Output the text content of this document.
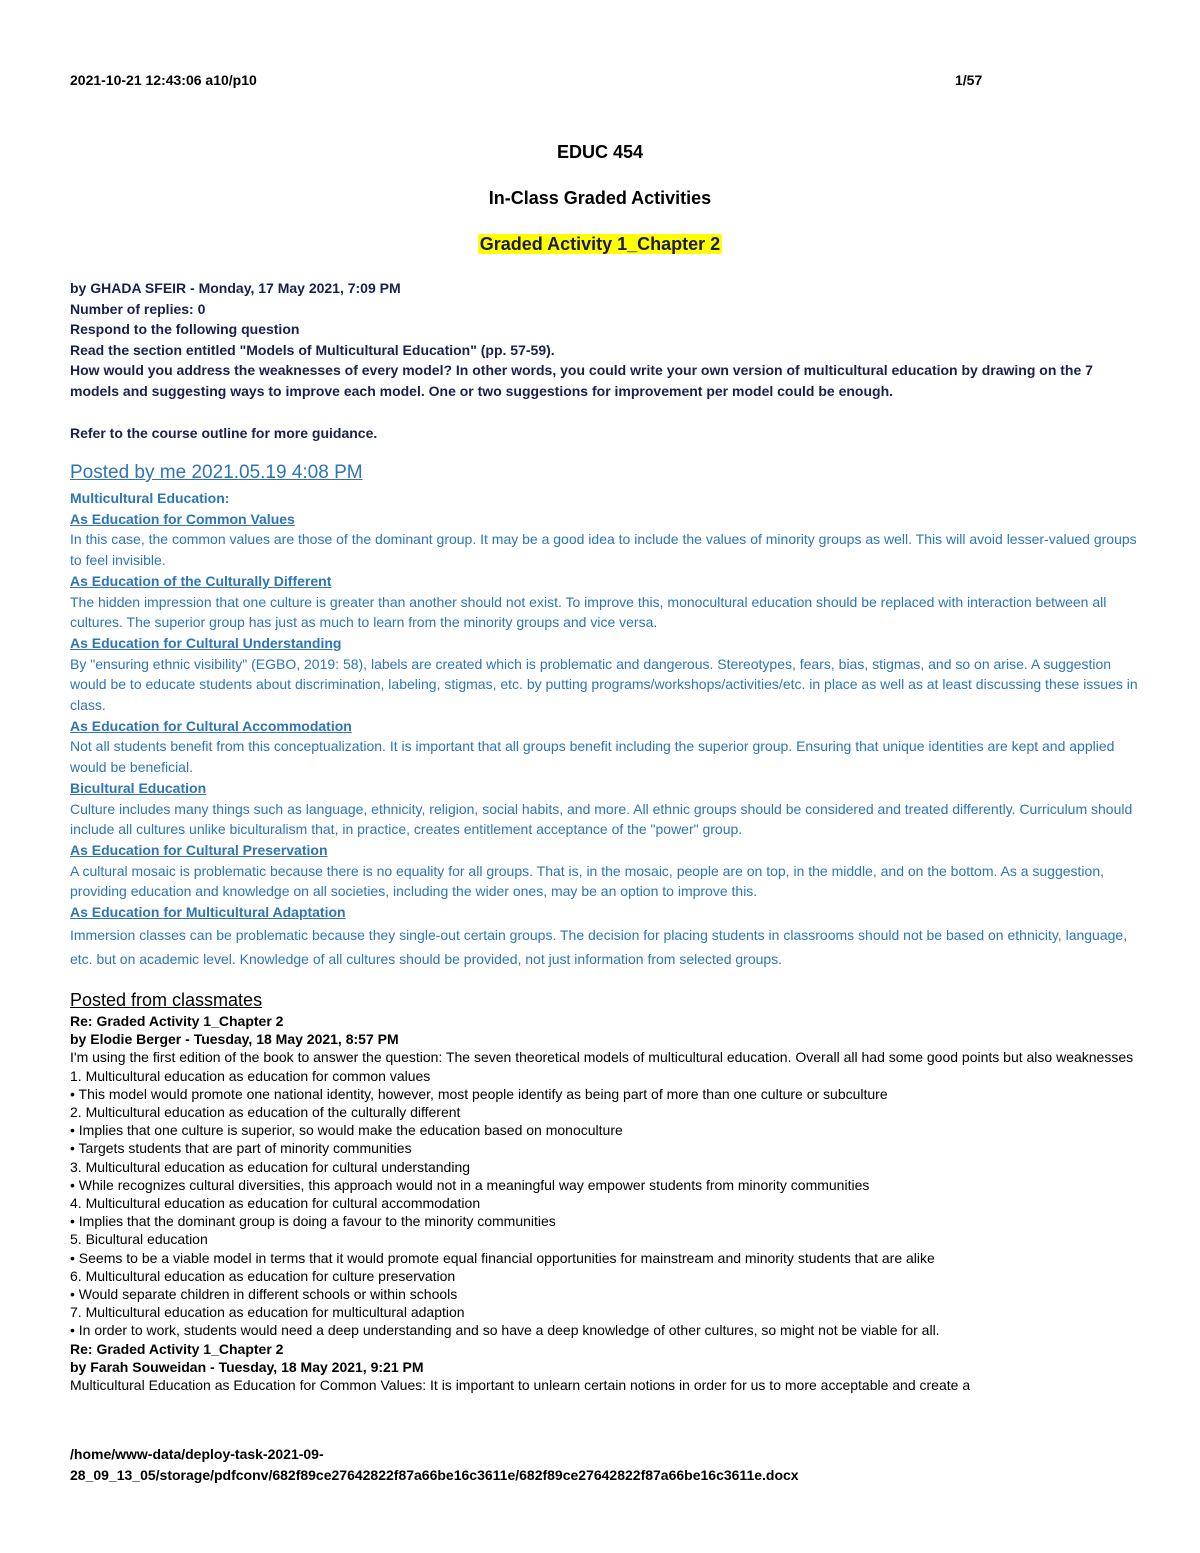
2021-10-21 12:43:06 a10/p10	1/57
EDUC 454
In-Class Graded Activities
Graded Activity 1_Chapter 2

by GHADA SFEIR - Monday, 17 May 2021, 7:09 PM

Number of replies: 0

Respond to the following question

Read the section entitled "Models of Multicultural Education" (pp. 57-59).

How would you address the weaknesses of every model? In other words, you could write your own version of multicultural education by drawing on the 7 models and suggesting ways to improve each model. One or two suggestions for improvement per model could be enough.

Refer to the course outline for more guidance.

Posted by me 2021.05.19 4:08 PM

Multicultural Education:

As Education for Common Values

In this case, the common values are those of the dominant group. It may be a good idea to include the values of minority groups as well. This will avoid lesser-valued groups to feel invisible.

As Education of the Culturally Different

The hidden impression that one culture is greater than another should not exist. To improve this, monocultural education should be replaced with interaction between all cultures. The superior group has just as much to learn from the minority groups and vice versa.

As Education for Cultural Understanding

By "ensuring ethnic visibility" (EGBO, 2019: 58), labels are created which is problematic and dangerous. Stereotypes, fears, bias, stigmas, and so on arise. A suggestion would be to educate students about discrimination, labeling, stigmas, etc. by putting programs/workshops/activities/etc. in place as well as at least discussing these issues in class.

As Education for Cultural Accommodation

Not all students benefit from this conceptualization. It is important that all groups benefit including the superior group. Ensuring that unique identities are kept and applied would be beneficial.

Bicultural Education

Culture includes many things such as language, ethnicity, religion, social habits, and more. All ethnic groups should be considered and treated differently. Curriculum should include all cultures unlike biculturalism that, in practice, creates entitlement acceptance of the "power" group.

As Education for Cultural Preservation

A cultural mosaic is problematic because there is no equality for all groups. That is, in the mosaic, people are on top, in the middle, and on the bottom. As a suggestion, providing education and knowledge on all societies, including the wider ones, may be an option to improve this.

As Education for Multicultural Adaptation

Immersion classes can be problematic because they single-out certain groups. The decision for placing students in classrooms should not be based on ethnicity, language, etc. but on academic level. Knowledge of all cultures should be provided, not just information from selected groups.

Posted from classmates

Re: Graded Activity 1_Chapter 2

by Elodie Berger - Tuesday, 18 May 2021, 8:57 PM

I'm using the first edition of the book to answer the question: The seven theoretical models of multicultural education. Overall all had some good points but also weaknesses

1. Multicultural education as education for common values

• This model would promote one national identity, however, most people identify as being part of more than one culture or subculture

2. Multicultural education as education of the culturally different

• Implies that one culture is superior, so would make the education based on monoculture

• Targets students that are part of minority communities

3. Multicultural education as education for cultural understanding

• While recognizes cultural diversities, this approach would not in a meaningful way empower students from minority communities

4. Multicultural education as education for cultural accommodation

• Implies that the dominant group is doing a favour to the minority communities

5. Bicultural education

• Seems to be a viable model in terms that it would promote equal financial opportunities for mainstream and minority students that are alike

6. Multicultural education as education for culture preservation

• Would separate children in different schools or within schools

7. Multicultural education as education for multicultural adaption

• In order to work, students would need a deep understanding and so have a deep knowledge of other cultures, so might not be viable for all.

Re: Graded Activity 1_Chapter 2

by Farah Souweidan - Tuesday, 18 May 2021, 9:21 PM

Multicultural Education as Education for Common Values: It is important to unlearn certain notions in order for us to more acceptable and create a

/home/www-data/deploy-task-2021-09-

28_09_13_05/storage/pdfconv/682f89ce27642822f87a66be16c3611e/682f89ce27642822f87a66be16c3611e.docx
